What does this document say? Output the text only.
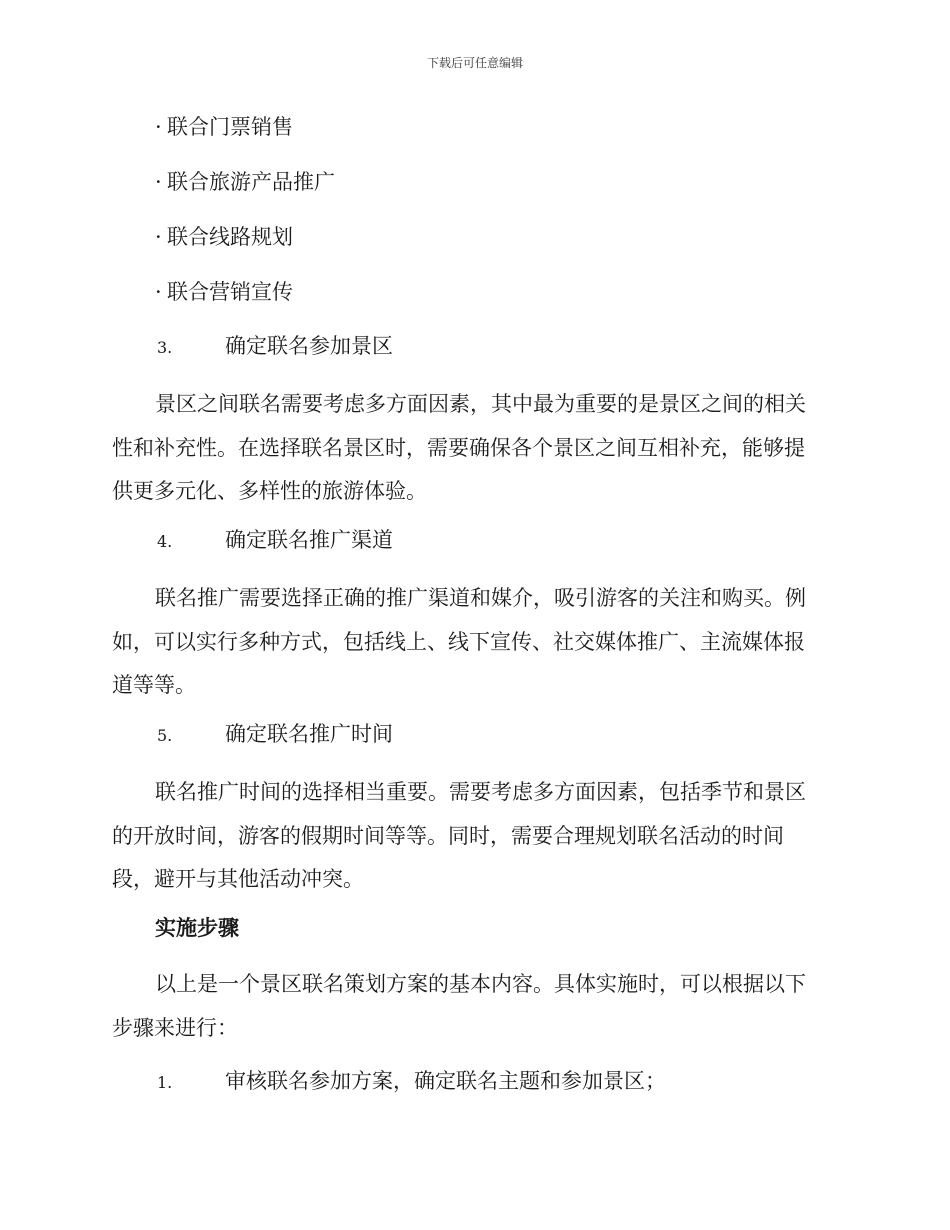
下载后可任意编辑
· 联合门票销售
· 联合旅游产品推广
· 联合线路规划
· 联合营销宣传
3.	确定联名参加景区
景区之间联名需要考虑多方面因素，其中最为重要的是景区之间的相关
性和补充性。在选择联名景区时，需要确保各个景区之间互相补充，能够提
供更多元化、多样性的旅游体验。
4.	确定联名推广渠道
联名推广需要选择正确的推广渠道和媒介，吸引游客的关注和购买。例
如，可以实行多种方式，包括线上、线下宣传、社交媒体推广、主流媒体报
道等等。
5.	确定联名推广时间
联名推广时间的选择相当重要。需要考虑多方面因素，包括季节和景区
的开放时间，游客的假期时间等等。同时，需要合理规划联名活动的时间
段，避开与其他活动冲突。
实施步骤
以上是一个景区联名策划方案的基本内容。具体实施时，可以根据以下
步骤来进行：
1.	审核联名参加方案，确定联名主题和参加景区；
